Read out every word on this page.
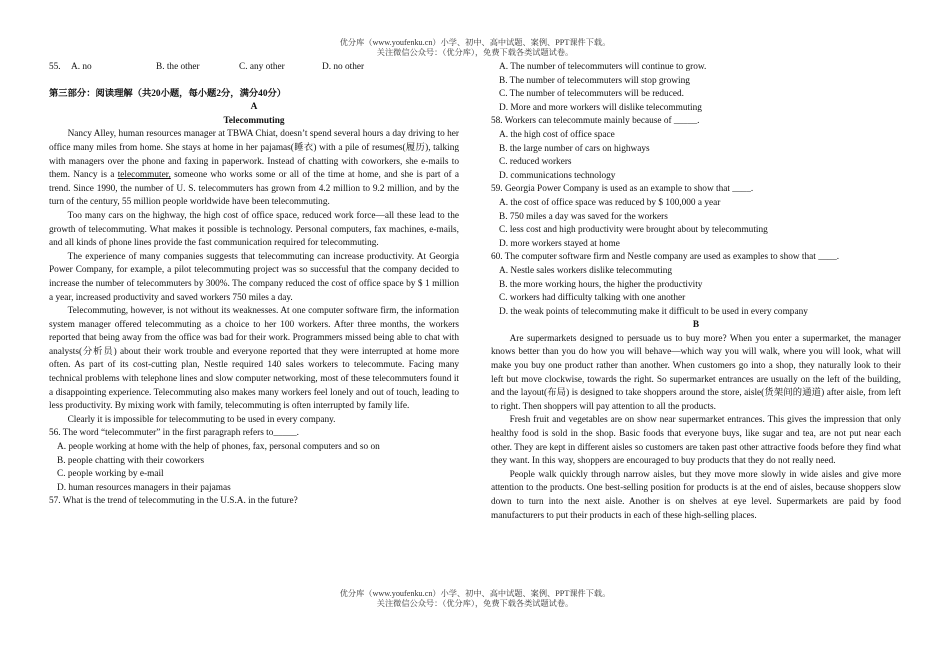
优分库（www.youfenku.cn）小学、初中、高中试题、案例、PPT课件下载。
关注微信公众号：（优分库），免费下载各类试题试卷。
55.	A. no	B. the other	C. any other	D. no other

第三部分：阅读理解（共20小题，每小题2分，满分40分）

A

Telecommuting

Nancy Alley, human resources manager at TBWA Chiat, doesn’t spend several hours a day driving to her office many miles from home. She stays at home in her pajamas(睡衣) with a pile of resumes(履历), talking with managers over the phone and faxing in paperwork. Instead of chatting with coworkers, she e-mails to them. Nancy is a telecommuter, someone who works some or all of the time at home, and she is part of a trend. Since 1990, the number of U. S. telecommuters has grown from 4.2 million to 9.2 million, and by the turn of the century, 55 million people worldwide have been telecommuting.

Too many cars on the highway, the high cost of office space, reduced work force—all these lead to the growth of telecommuting. What makes it possible is technology. Personal computers, fax machines, e-mails, and all kinds of phone lines provide the fast communication required for telecommuting.

The experience of many companies suggests that telecommuting can increase productivity. At Georgia Power Company, for example, a pilot telecommuting project was so successful that the company decided to increase the number of telecommuters by 300%. The company reduced the cost of office space by $ 1 million a year, increased productivity and saved workers 750 miles a day.

Telecommuting, however, is not without its weaknesses. At one computer software firm, the information system manager offered telecommuting as a choice to her 100 workers. After three months, the workers reported that being away from the office was bad for their work. Programmers missed being able to chat with analysts(分析员) about their work trouble and everyone reported that they were interrupted at home more often. As part of its cost-cutting plan, Nestle required 140 sales workers to telecommute. Facing many technical problems with telephone lines and slow computer networking, most of these telecommuters found it a disappointing experience. Telecommuting also makes many workers feel lonely and out of touch, leading to less productivity. By mixing work with family, telecommuting is often interrupted by family life.

Clearly it is impossible for telecommuting to be used in every company.

56. The word “telecommuter” in the first paragraph refers to_____.

A. people working at home with the help of phones, fax, personal computers and so on

B. people chatting with their coworkers

C. people working by e-mail

D. human resources managers in their pajamas

57. What is the trend of telecommuting in the U.S.A. in the future?

A. The number of telecommuters will continue to grow.

B. The number of telecommuters will stop growing

C. The number of telecommuters will be reduced.

D. More and more workers will dislike telecommuting

58. Workers can telecommute mainly because of _____.

A. the high cost of office space

B. the large number of cars on highways

C. reduced workers

D. communications technology

59. Georgia Power Company is used as an example to show that ____.

A. the cost of office space was reduced by $ 100,000 a year

B. 750 miles a day was saved for the workers

C. less cost and high productivity were brought about by telecommuting

D. more workers stayed at home

60. The computer software firm and Nestle company are used as examples to show that ____.

A. Nestle sales workers dislike telecommuting

B. the more working hours, the higher the productivity

C. workers had difficulty talking with one another

D. the weak points of telecommuting make it difficult to be used in every company

B

Are supermarkets designed to persuade us to buy more? When you enter a supermarket, the manager knows better than you do how you will behave—which way you will walk, where you will look, what will make you buy one product rather than another. When customers go into a shop, they naturally look to their left but move clockwise, towards the right. So supermarket entrances are usually on the left of the building, and the layout(布局) is designed to take shoppers around the store, aisle(货架间的通道) after aisle, from left to right. Then shoppers will pay attention to all the products.

Fresh fruit and vegetables are on show near supermarket entrances. This gives the impression that only healthy food is sold in the shop. Basic foods that everyone buys, like sugar and tea, are not put near each other. They are kept in different aisles so customers are taken past other attractive foods before they find what they want. In this way, shoppers are encouraged to buy products that they do not really need.

People walk quickly through narrow aisles, but they move more slowly in wide aisles and give more attention to the products. One best-selling position for products is at the end of aisles, because shoppers slow down to turn into the next aisle. Another is on shelves at eye level. Supermarkets are paid by food manufacturers to put their products in each of these high-selling places.

优分库（www.youfenku.cn）小学、初中、高中试题、案例、PPT课件下载。
关注微信公众号：（优分库），免费下载各类试题试卷。
